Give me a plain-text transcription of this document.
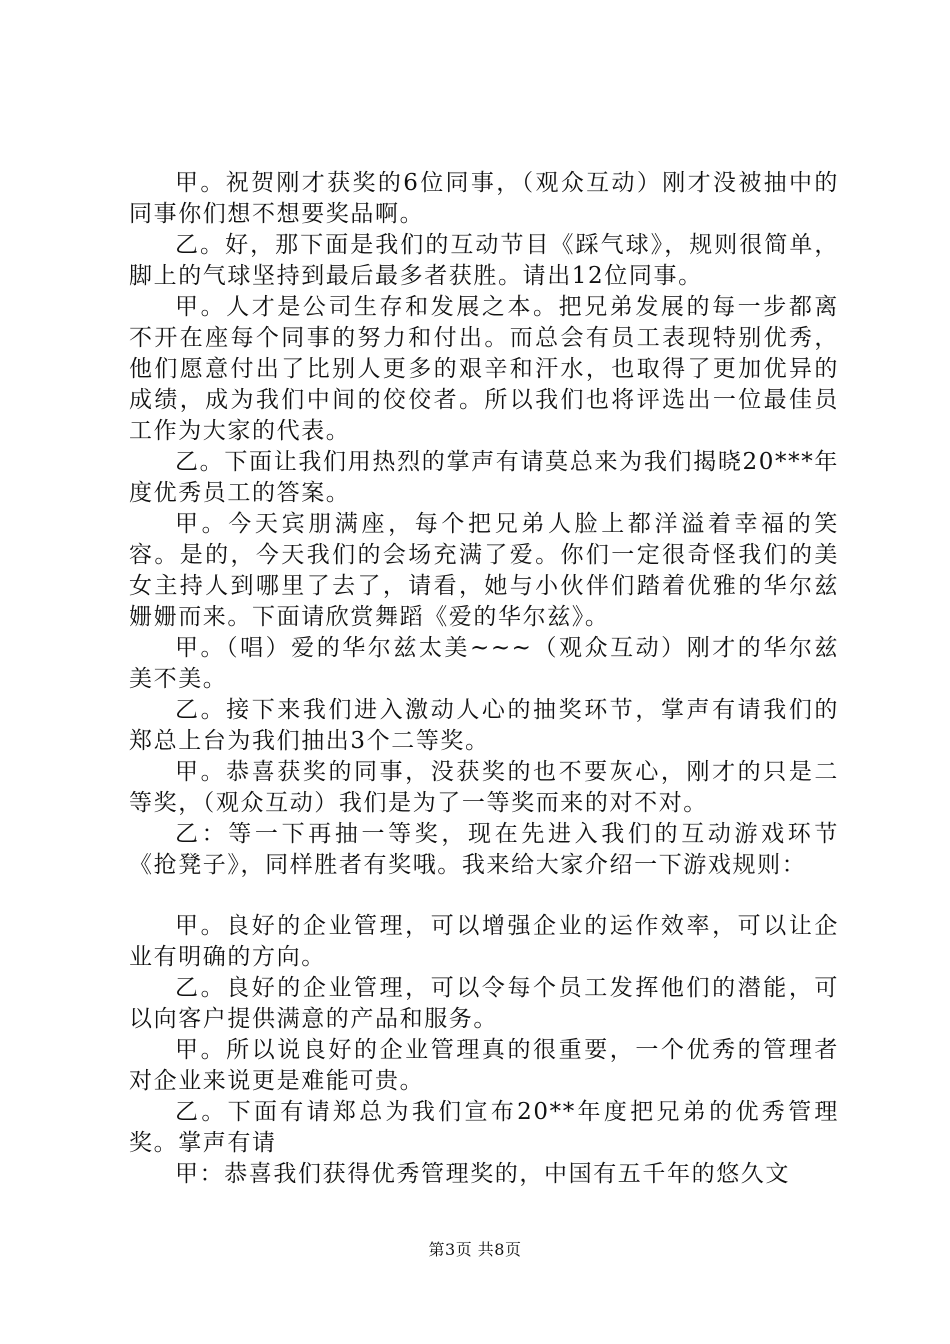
甲。祝贺刚才获奖的6位同事，（观众互动）刚才没被抽中的同事你们想不想要奖品啊。

乙。好，那下面是我们的互动节目《踩气球》，规则很简单，脚上的气球坚持到最后最多者获胜。请出12位同事。

甲。人才是公司生存和发展之本。把兄弟发展的每一步都离不开在座每个同事的努力和付出。而总会有员工表现特别优秀，他们愿意付出了比别人更多的艰辛和汗水，也取得了更加优异的成绩，成为我们中间的佼佼者。所以我们也将评选出一位最佳员工作为大家的代表。

乙。下面让我们用热烈的掌声有请莫总来为我们揭晓20***年度优秀员工的答案。

甲。今天宾朋满座，每个把兄弟人脸上都洋溢着幸福的笑容。是的，今天我们的会场充满了爱。你们一定很奇怪我们的美女主持人到哪里了去了，请看，她与小伙伴们踏着优雅的华尔兹姗姗而来。下面请欣赏舞蹈《爱的华尔兹》。

甲。（唱）爱的华尔兹太美~~~（观众互动）刚才的华尔兹美不美。

乙。接下来我们进入激动人心的抽奖环节，掌声有请我们的郑总上台为我们抽出3个二等奖。

甲。恭喜获奖的同事，没获奖的也不要灰心，刚才的只是二等奖，（观众互动）我们是为了一等奖而来的对不对。

乙：等一下再抽一等奖，现在先进入我们的互动游戏环节《抢凳子》，同样胜者有奖哦。我来给大家介绍一下游戏规则：

甲。良好的企业管理，可以增强企业的运作效率，可以让企业有明确的方向。

乙。良好的企业管理，可以令每个员工发挥他们的潜能，可以向客户提供满意的产品和服务。

甲。所以说良好的企业管理真的很重要，一个优秀的管理者对企业来说更是难能可贵。

乙。下面有请郑总为我们宣布20**年度把兄弟的优秀管理奖。掌声有请

甲：恭喜我们获得优秀管理奖的，中国有五千年的悠久文

第3页 共8页
